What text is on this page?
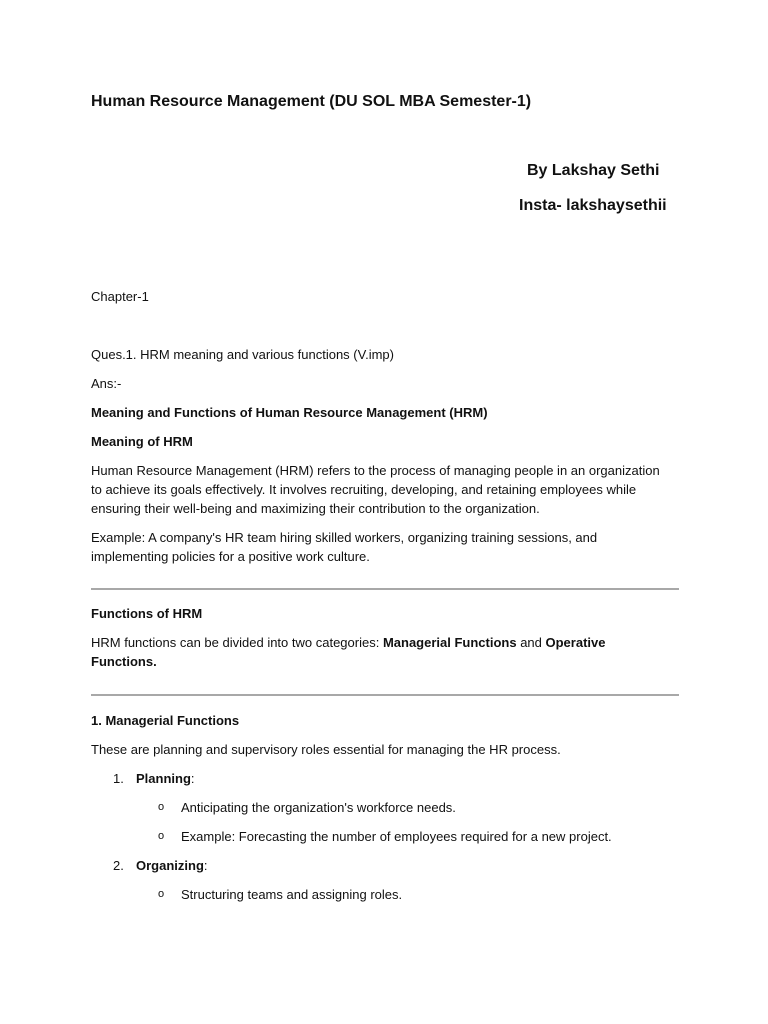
Human Resource Management (DU SOL MBA Semester-1)
By Lakshay Sethi
Insta- lakshaysethii
Chapter-1
Ques.1. HRM meaning and various functions (V.imp)
Ans:-
Meaning and Functions of Human Resource Management (HRM)
Meaning of HRM
Human Resource Management (HRM) refers to the process of managing people in an organization
to achieve its goals effectively. It involves recruiting, developing, and retaining employees while
ensuring their well-being and maximizing their contribution to the organization.
Example: A company's HR team hiring skilled workers, organizing training sessions, and
implementing policies for a positive work culture.
Functions of HRM
HRM functions can be divided into two categories: Managerial Functions and Operative
Functions.
1. Managerial Functions
These are planning and supervisory roles essential for managing the HR process.
1. Planning:
o Anticipating the organization's workforce needs.
o Example: Forecasting the number of employees required for a new project.
2. Organizing:
o Structuring teams and assigning roles.
